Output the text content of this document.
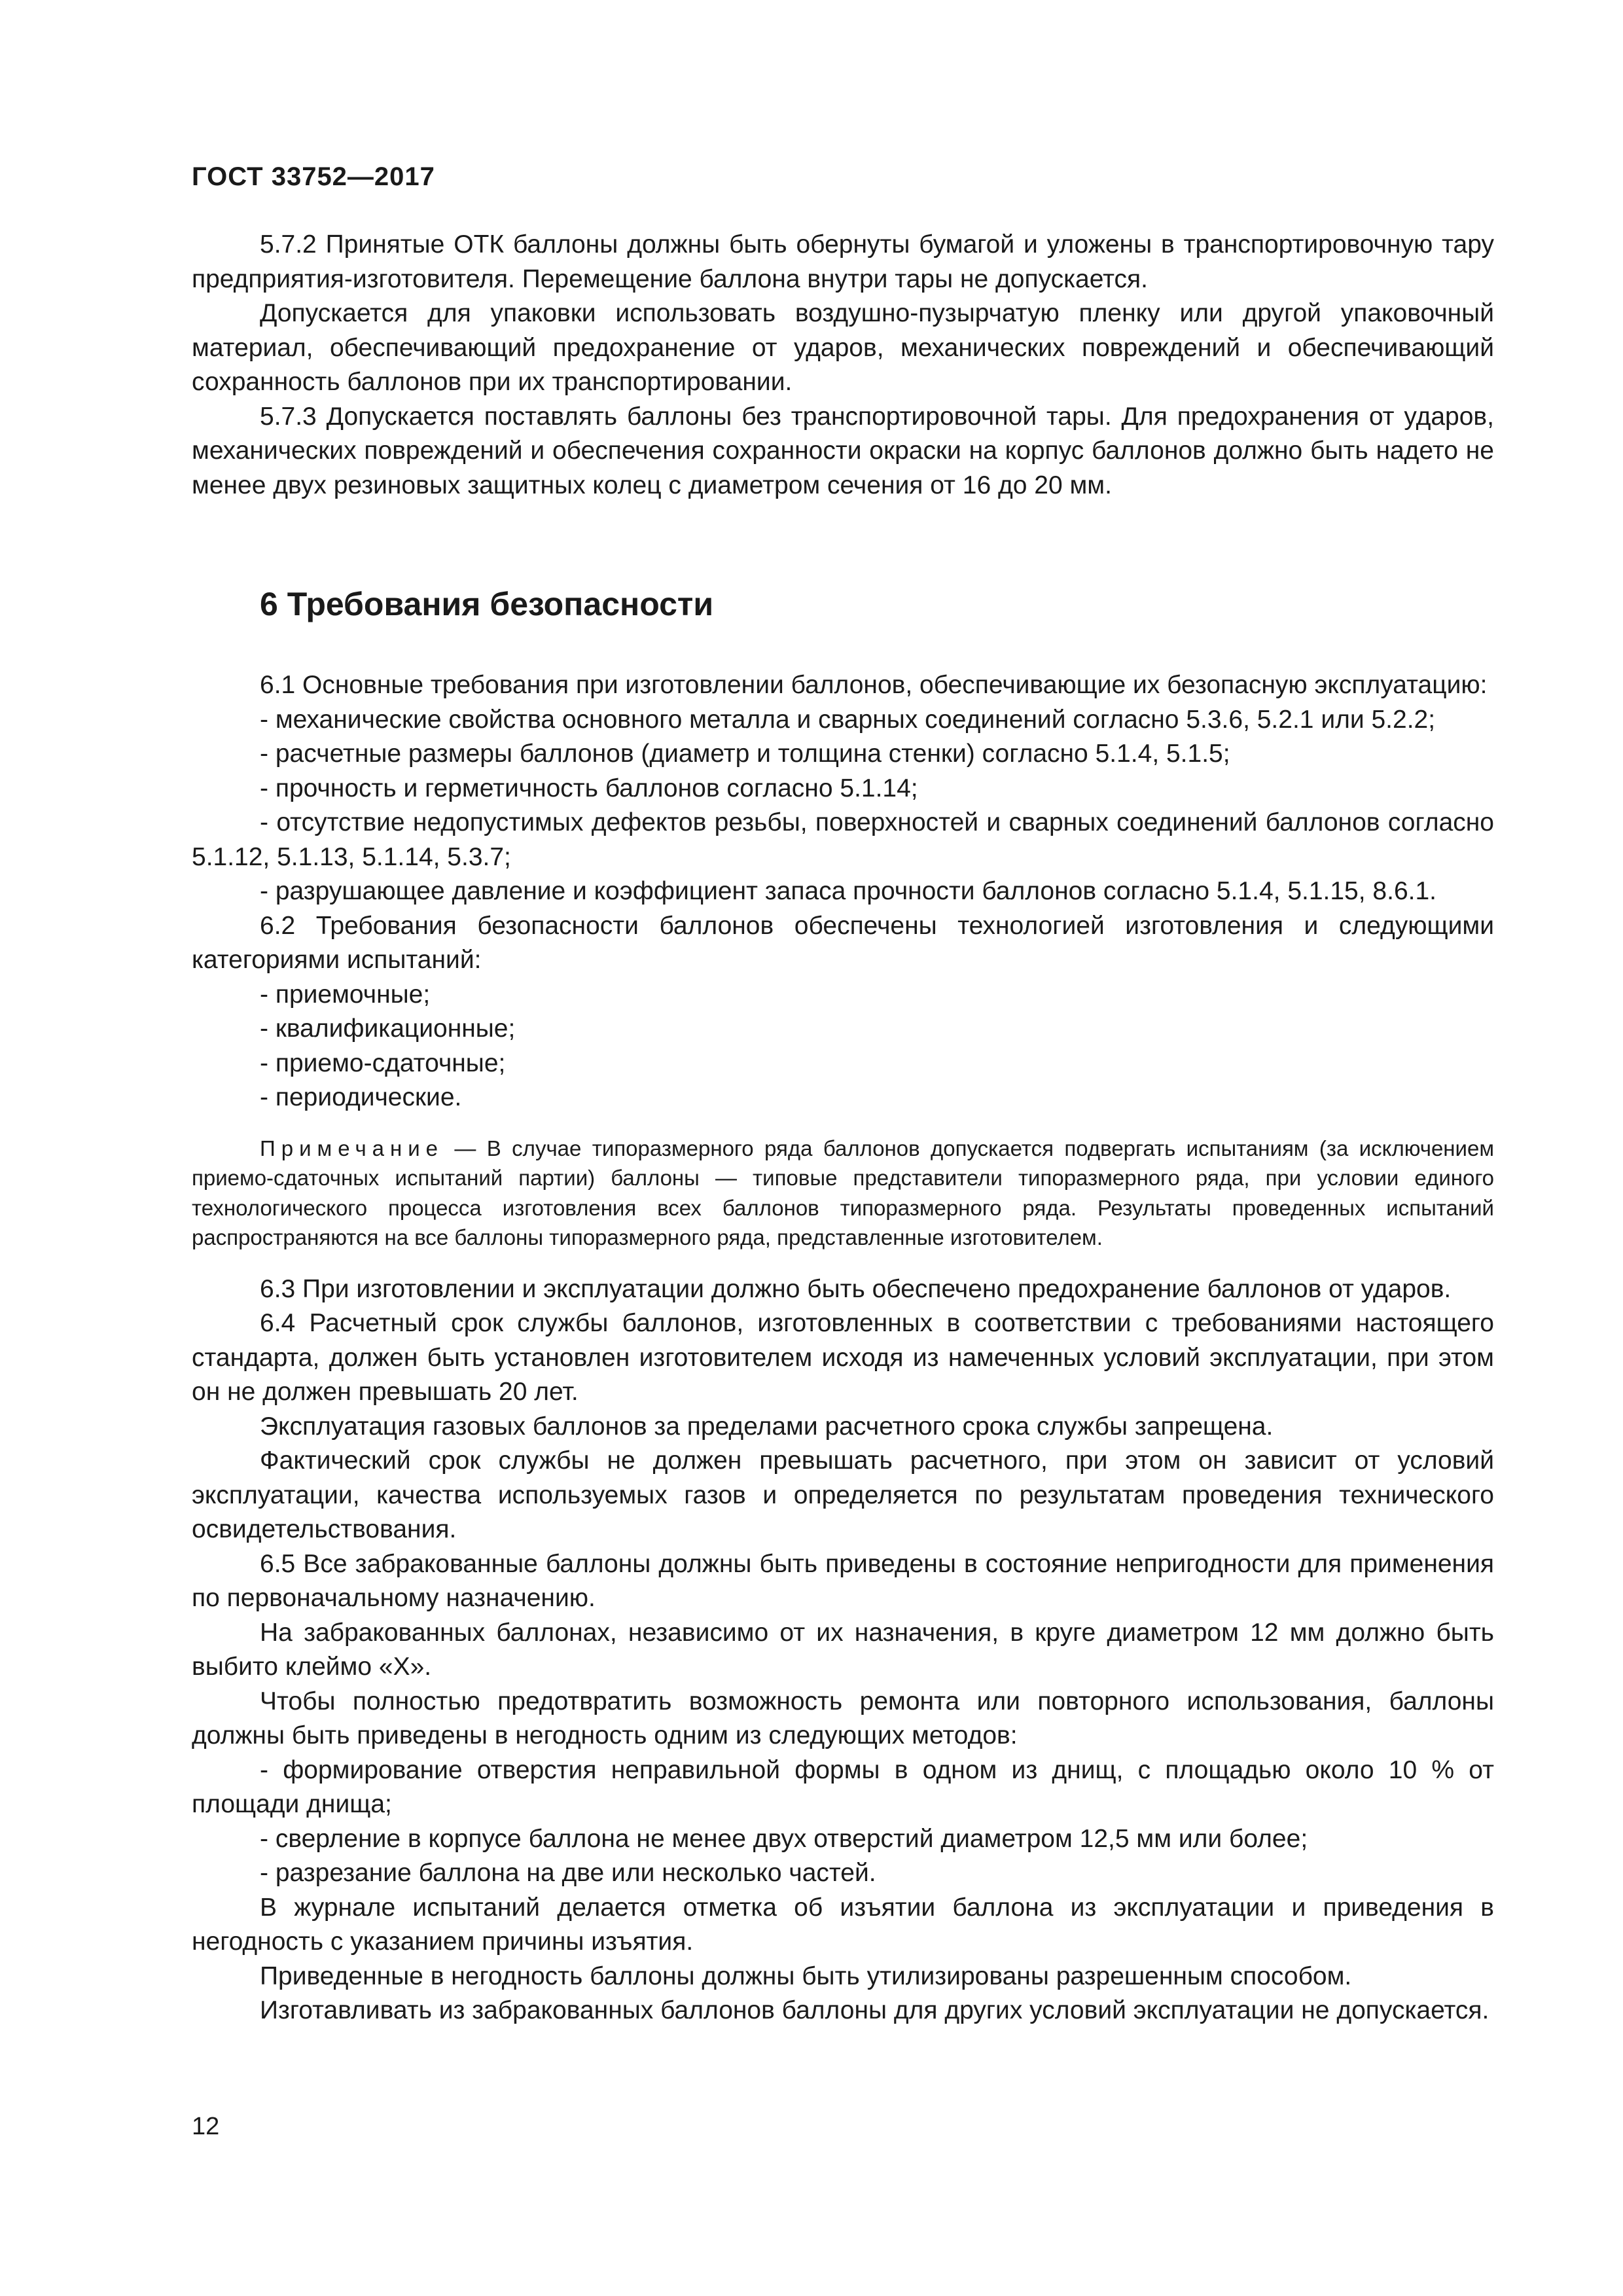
ГОСТ 33752—2017

5.7.2 Принятые ОТК баллоны должны быть обернуты бумагой и уложены в транспортировочную тару предприятия-изготовителя. Перемещение баллона внутри тары не допускается.

Допускается для упаковки использовать воздушно-пузырчатую пленку или другой упаковочный материал, обеспечивающий предохранение от ударов, механических повреждений и обеспечивающий сохранность баллонов при их транспортировании.

5.7.3 Допускается поставлять баллоны без транспортировочной тары. Для предохранения от ударов, механических повреждений и обеспечения сохранности окраски на корпус баллонов должно быть надето не менее двух резиновых защитных колец с диаметром сечения от 16 до 20 мм.

6 Требования безопасности

6.1 Основные требования при изготовлении баллонов, обеспечивающие их безопасную эксплуатацию:

- механические свойства основного металла и сварных соединений согласно 5.3.6, 5.2.1 или 5.2.2;

- расчетные размеры баллонов (диаметр и толщина стенки) согласно 5.1.4, 5.1.5;

- прочность и герметичность баллонов согласно 5.1.14;

- отсутствие недопустимых дефектов резьбы, поверхностей и сварных соединений баллонов согласно 5.1.12, 5.1.13, 5.1.14, 5.3.7;

- разрушающее давление и коэффициент запаса прочности баллонов согласно 5.1.4, 5.1.15, 8.6.1.

6.2 Требования безопасности баллонов обеспечены технологией изготовления и следующими категориями испытаний:

- приемочные;

- квалификационные;

- приемо-сдаточные;

- периодические.

Примечание — В случае типоразмерного ряда баллонов допускается подвергать испытаниям (за исключением приемо-сдаточных испытаний партии) баллоны — типовые представители типоразмерного ряда, при условии единого технологического процесса изготовления всех баллонов типоразмерного ряда. Результаты проведенных испытаний распространяются на все баллоны типоразмерного ряда, представленные изготовителем.

6.3 При изготовлении и эксплуатации должно быть обеспечено предохранение баллонов от ударов.

6.4 Расчетный срок службы баллонов, изготовленных в соответствии с требованиями настоящего стандарта, должен быть установлен изготовителем исходя из намеченных условий эксплуатации, при этом он не должен превышать 20 лет.

Эксплуатация газовых баллонов за пределами расчетного срока службы запрещена.

Фактический срок службы не должен превышать расчетного, при этом он зависит от условий эксплуатации, качества используемых газов и определяется по результатам проведения технического освидетельствования.

6.5 Все забракованные баллоны должны быть приведены в состояние непригодности для применения по первоначальному назначению.

На забракованных баллонах, независимо от их назначения, в круге диаметром 12 мм должно быть выбито клеймо «Х».

Чтобы полностью предотвратить возможность ремонта или повторного использования, баллоны должны быть приведены в негодность одним из следующих методов:

- формирование отверстия неправильной формы в одном из днищ, с площадью около 10 % от площади днища;

- сверление в корпусе баллона не менее двух отверстий диаметром 12,5 мм или более;

- разрезание баллона на две или несколько частей.

В журнале испытаний делается отметка об изъятии баллона из эксплуатации и приведения в негодность с указанием причины изъятия.

Приведенные в негодность баллоны должны быть утилизированы разрешенным способом.

Изготавливать из забракованных баллонов баллоны для других условий эксплуатации не допускается.

12
